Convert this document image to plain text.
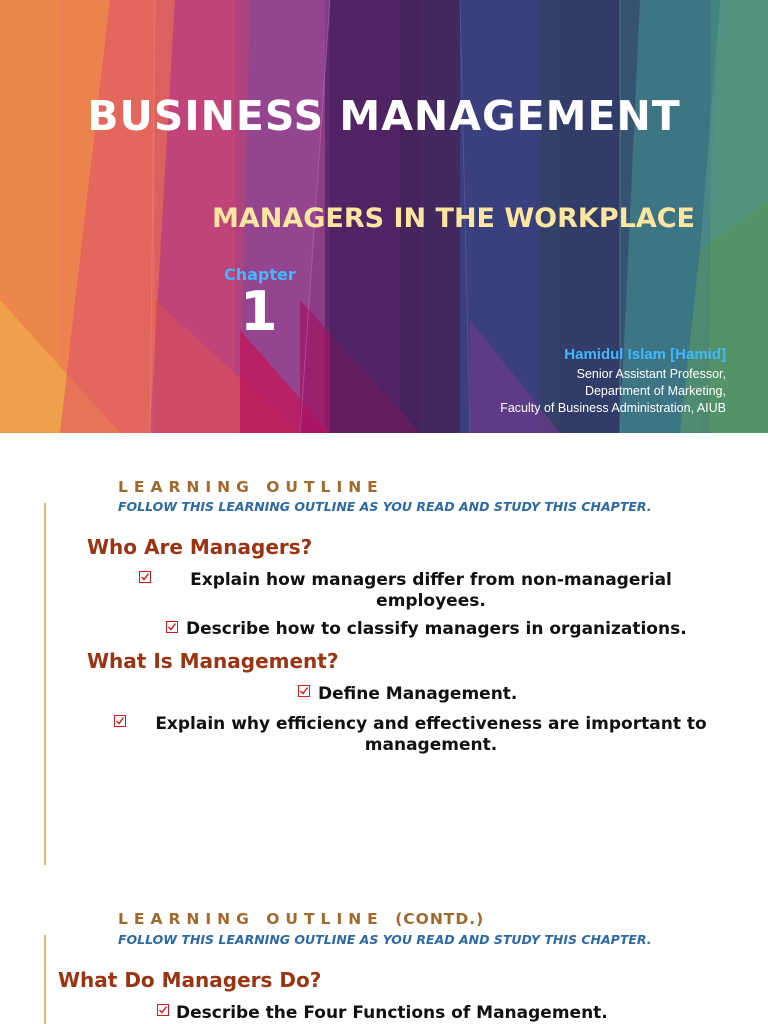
BUSINESS MANAGEMENT
MANAGERS IN THE WORKPLACE
Chapter
1
Hamidul Islam [Hamid]
Senior Assistant Professor,
Department of Marketing,
Faculty of Business Administration, AIUB
LEARNING OUTLINE
FOLLOW THIS LEARNING OUTLINE AS YOU READ AND STUDY THIS CHAPTER.
Who Are Managers?
Explain how managers differ from non-managerial employees.
Describe how to classify managers in organizations.
What Is Management?
Define Management.
Explain why efficiency and effectiveness are important to management.
LEARNING OUTLINE (CONTD.)
FOLLOW THIS LEARNING OUTLINE AS YOU READ AND STUDY THIS CHAPTER.
What Do Managers Do?
Describe the Four Functions of Management.
